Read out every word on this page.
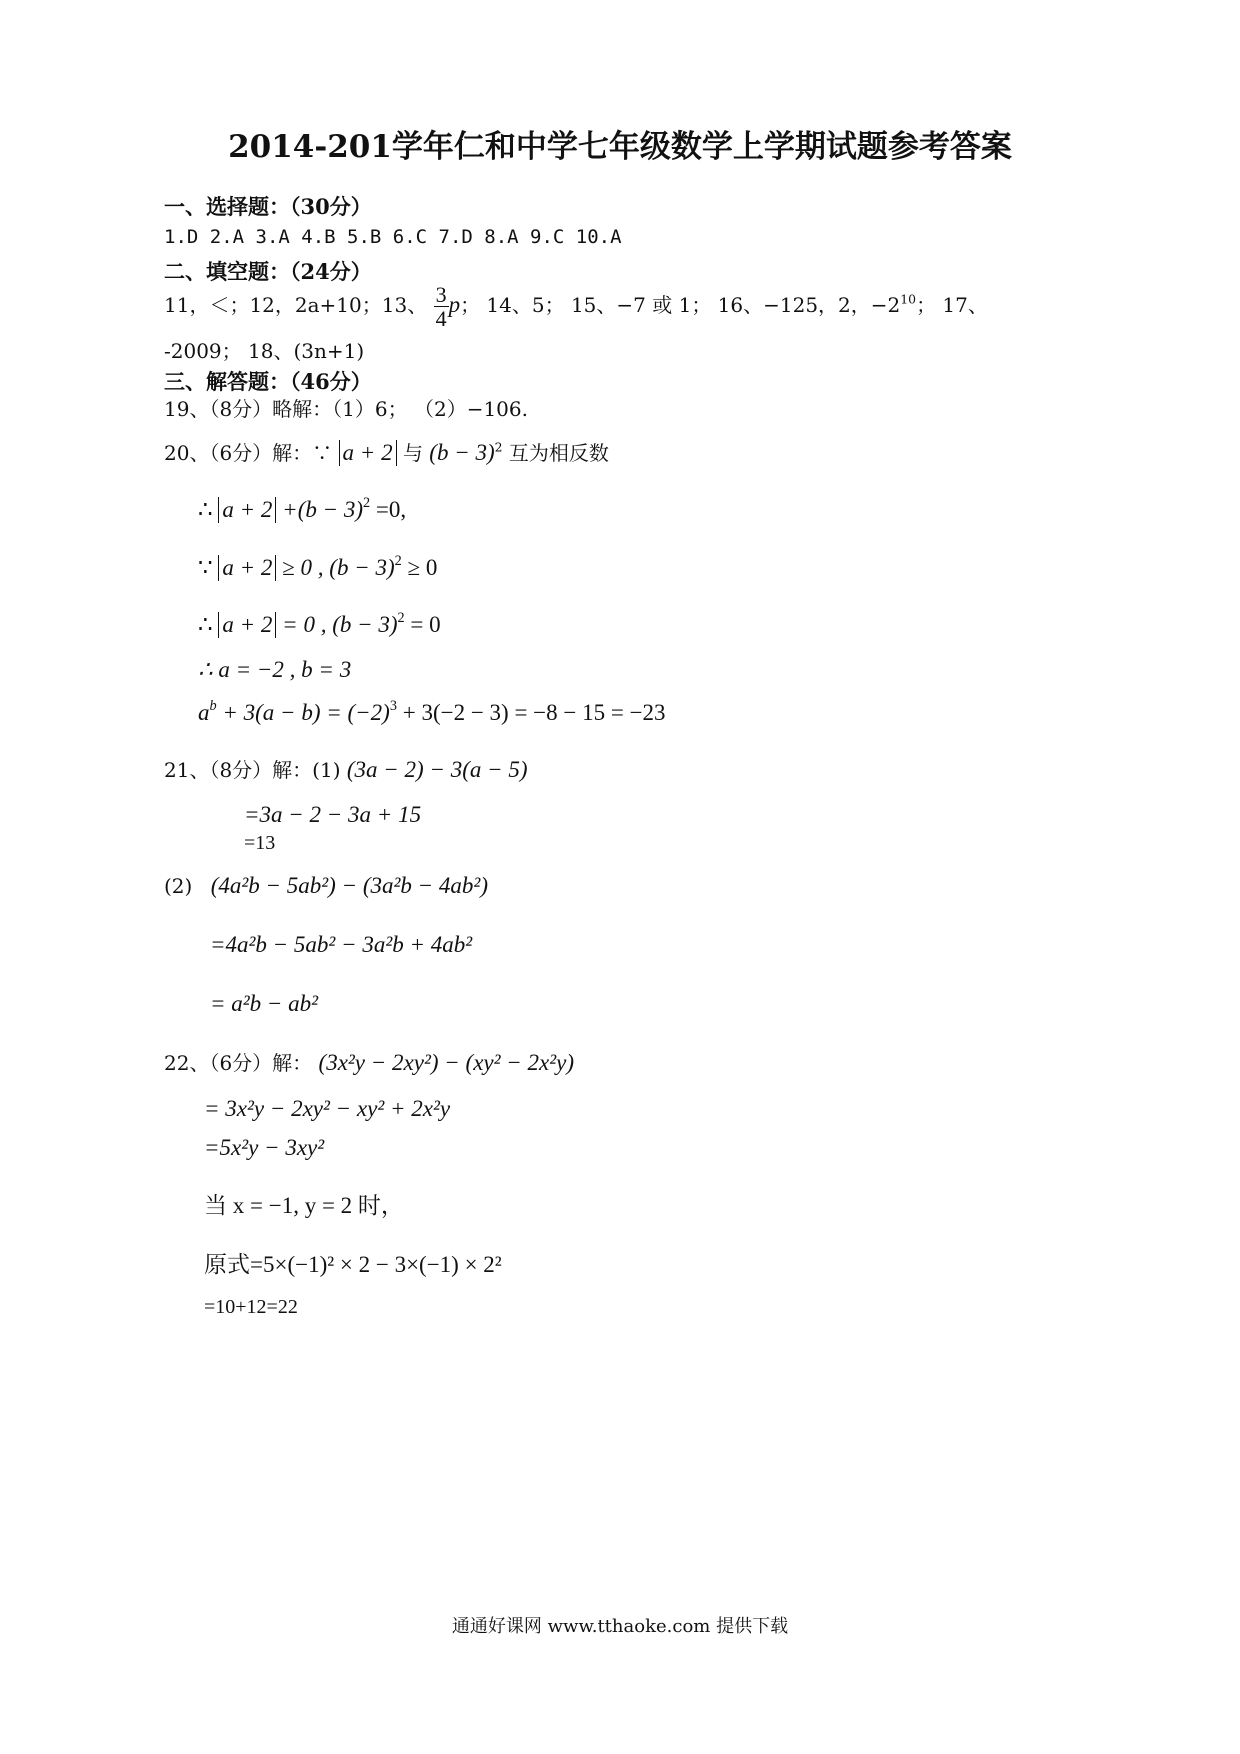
2014-201学年仁和中学七年级数学上学期试题参考答案
一、选择题：（30分）
1.D 2.A 3.A 4.B 5.B 6.C 7.D 8.A 9.C 10.A
二、填空题：（24分）
11，＜；12，2a+10；13、 $\frac{3}{4}$ p； 14、5； 15、−7 或 1； 16、−125，2，$-2^{10}$； 17、
-2009； 18、(3n+1)
三、解答题：（46分）
19、（8分）略解：（1）6； （2）−106.
20、（6分）解：∵ a + 2 与 $(b - 3)^2$ 互为相反数
∴ $a + 2 +(b - 3)^2 =0$,
∵ a + 2 ≥ 0 , $(b - 3)^2 \ge 0$
∴ a + 2 = 0 , $(b - 3)^2 = 0$
∴ a = −2 , b = 3
$a^b + 3(a - b) = (-2)^3 + 3(-2 - 3) = -8 - 15 = -23$
21、（8分）解：(1) (3a − 2) − 3(a − 5)
=3a − 2 − 3a + 15
=13
(2) (4a²b − 5ab²) − (3a²b − 4ab²)
=4a²b − 5ab² − 3a²b + 4ab²
= a²b − ab²
22、（6分）解： (3x²y − 2xy²) − (xy² − 2x²y)
= 3x²y − 2xy² − xy² + 2x²y
=5x²y − 3xy²
当 x = −1, y = 2 时，
原式=5×(−1)² × 2 − 3×(−1) × 2²
=10+12=22
通通好课网 www.tthaoke.com 提供下载
